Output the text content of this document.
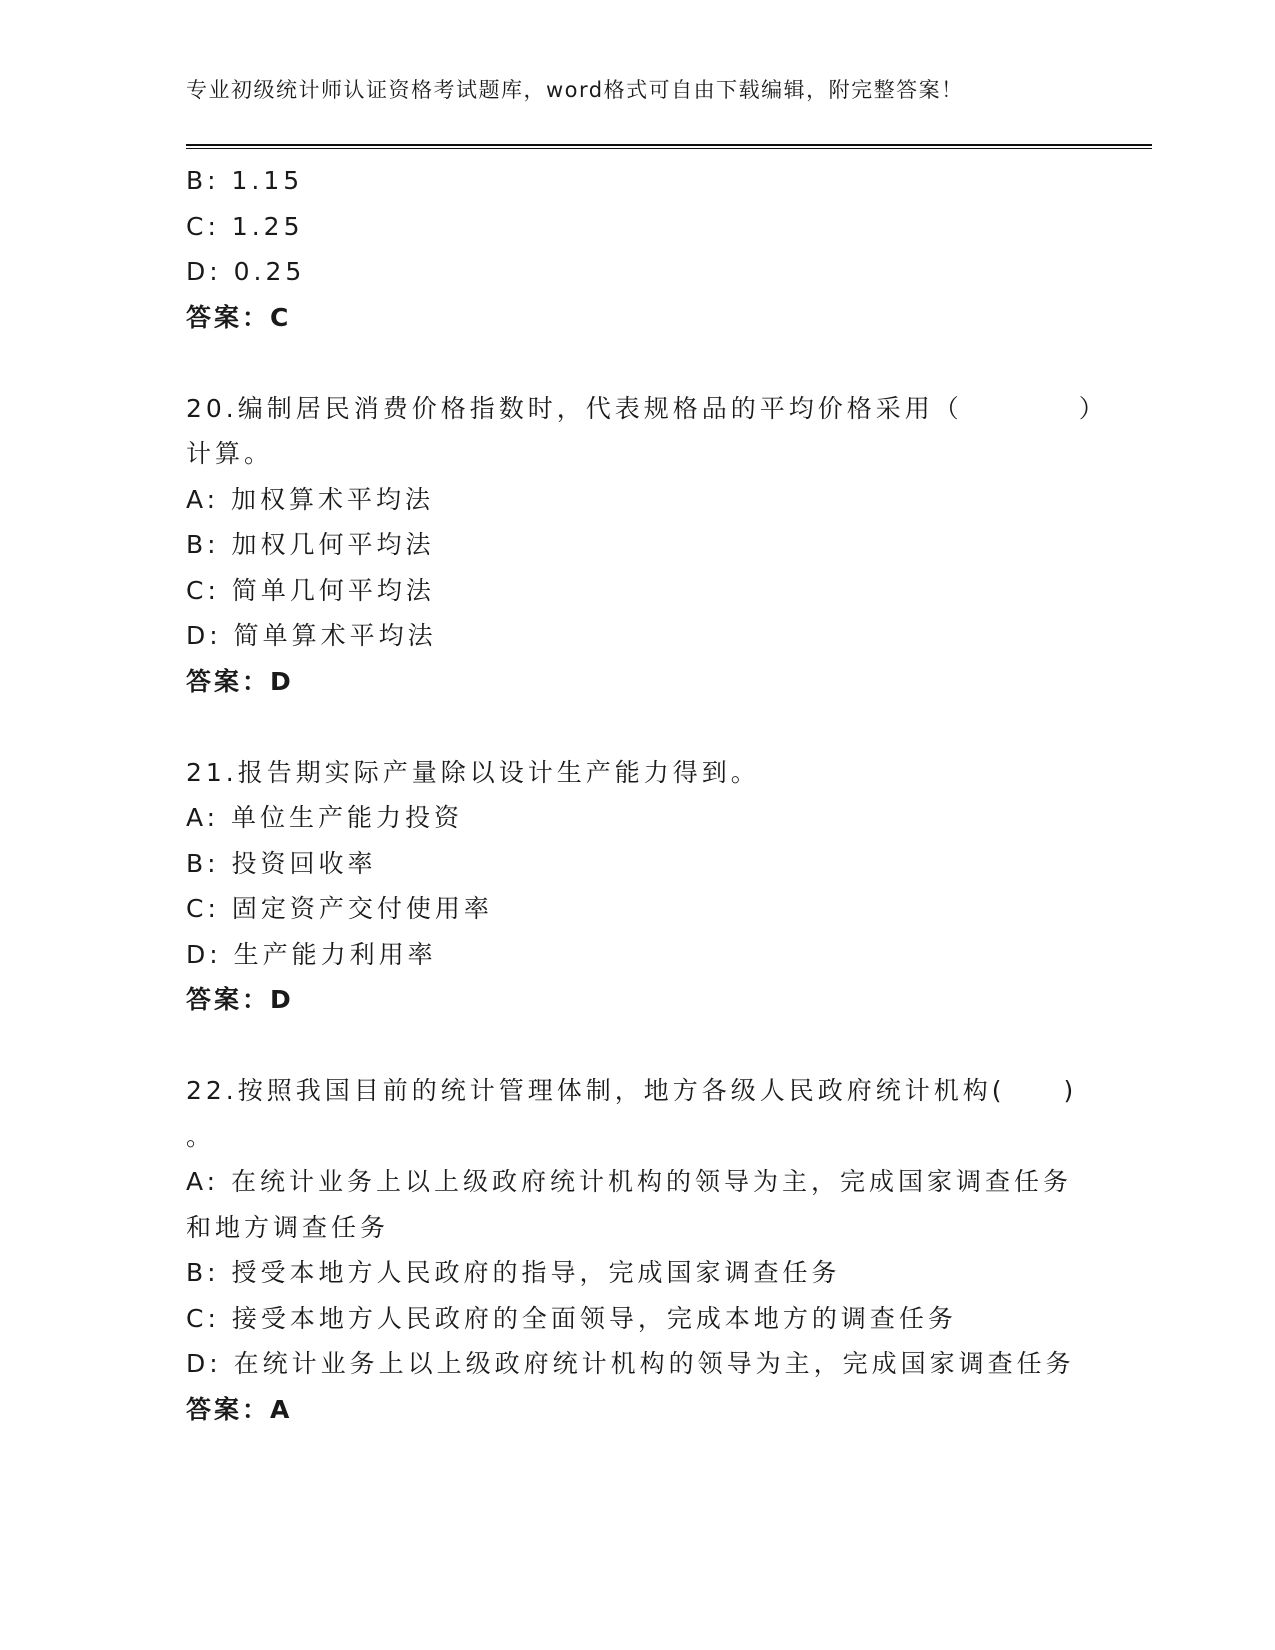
专业初级统计师认证资格考试题库，word格式可自由下载编辑，附完整答案！
B: 1.15
C: 1.25
D: 0.25
答案：C
20.编制居民消费价格指数时，代表规格品的平均价格采用（　　　　）
计算。
A: 加权算术平均法
B: 加权几何平均法
C: 简单几何平均法
D: 简单算术平均法
答案：D
21.报告期实际产量除以设计生产能力得到。
A: 单位生产能力投资
B: 投资回收率
C: 固定资产交付使用率
D: 生产能力利用率
答案：D
22.按照我国目前的统计管理体制，地方各级人民政府统计机构(　　)
。
A: 在统计业务上以上级政府统计机构的领导为主，完成国家调查任务
和地方调查任务
B: 授受本地方人民政府的指导，完成国家调查任务
C: 接受本地方人民政府的全面领导，完成本地方的调查任务
D: 在统计业务上以上级政府统计机构的领导为主，完成国家调查任务
答案：A
